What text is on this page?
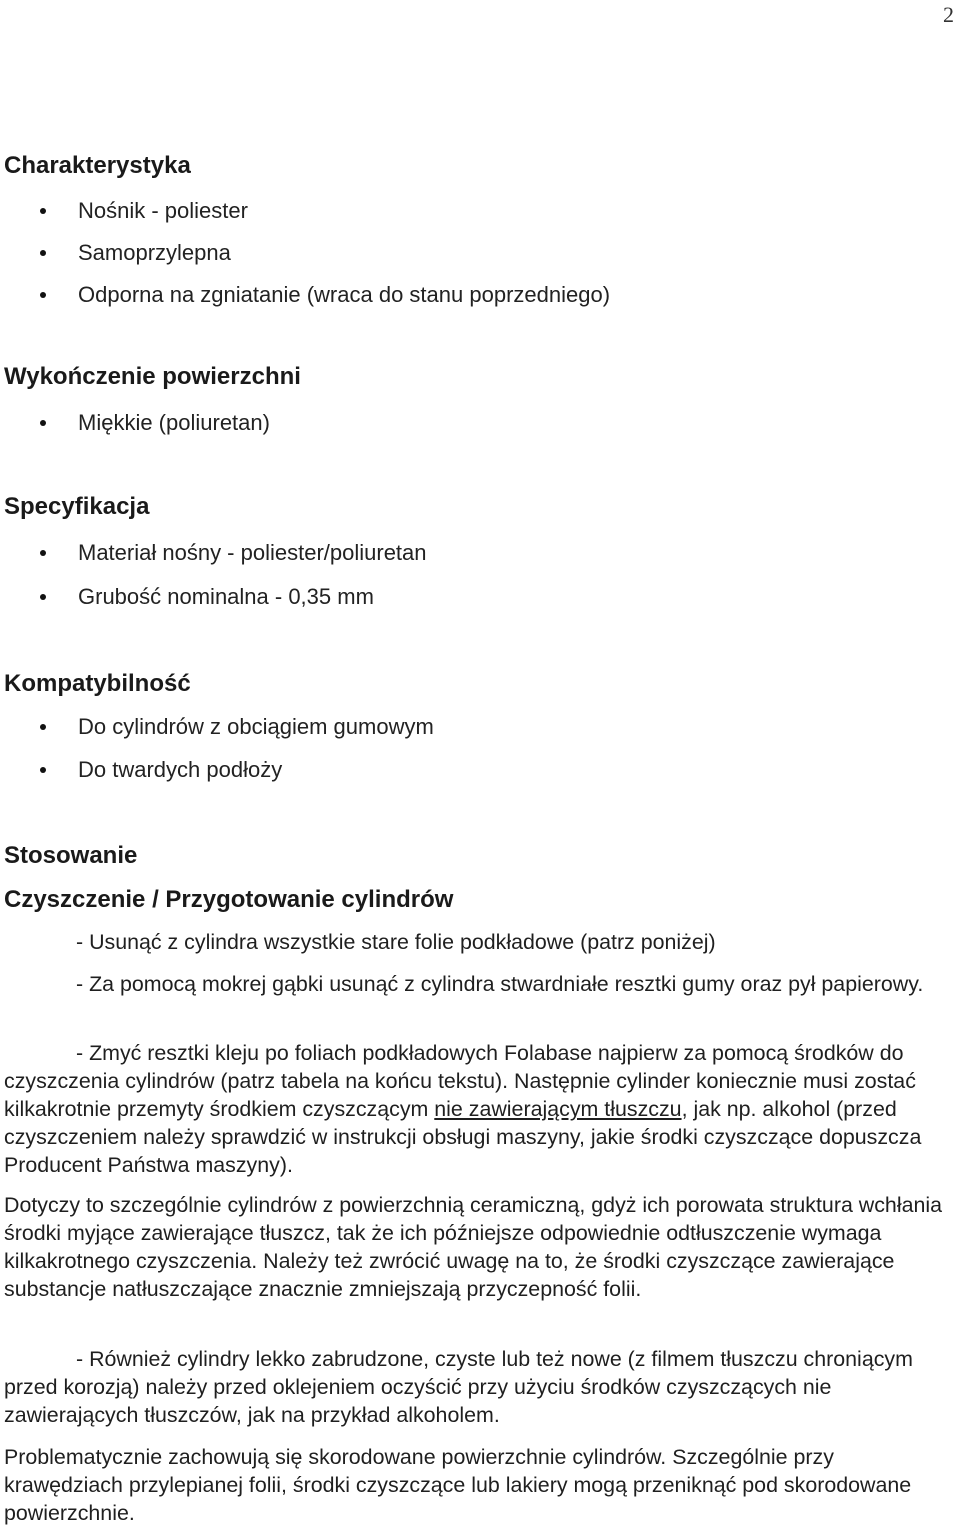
2
Charakterystyka
Nośnik - poliester
Samoprzylepna
Odporna na zgniatanie (wraca do stanu poprzedniego)
Wykończenie powierzchni
Miękkie (poliuretan)
Specyfikacja
Materiał nośny - poliester/poliuretan
Grubość nominalna - 0,35 mm
Kompatybilność
Do cylindrów z obciągiem gumowym
Do twardych podłoży
Stosowanie
Czyszczenie / Przygotowanie cylindrów
- Usunąć z cylindra wszystkie stare folie podkładowe (patrz poniżej)
- Za pomocą mokrej gąbki usunąć z cylindra stwardniałe resztki gumy oraz pył papierowy.
- Zmyć resztki kleju po foliach podkładowych Folabase najpierw za pomocą środków do czyszczenia cylindrów (patrz tabela na końcu tekstu). Następnie cylinder koniecznie musi zostać kilkakrotnie przemyty środkiem czyszczącym nie zawierającym tłuszczu, jak np. alkohol (przed czyszczeniem należy sprawdzić w instrukcji obsługi maszyny, jakie środki czyszczące dopuszcza Producent Państwa maszyny).
Dotyczy to szczególnie cylindrów z powierzchnią ceramiczną, gdyż ich porowata struktura wchłania środki myjące zawierające tłuszcz, tak że ich późniejsze odpowiednie odtłuszczenie wymaga kilkakrotnego czyszczenia. Należy też zwrócić uwagę na to, że środki czyszczące zawierające substancje natłuszczające znacznie zmniejszają przyczepność folii.
- Również cylindry lekko zabrudzone, czyste lub też nowe (z filmem tłuszczu chroniącym przed korozją) należy przed oklejeniem oczyścić przy użyciu środków czyszczących nie zawierających tłuszczów, jak na przykład alkoholem.
Problematycznie zachowują się skorodowane powierzchnie cylindrów. Szczególnie przy krawędziach przylepianej folii, środki czyszczące lub lakiery mogą przeniknąć pod skorodowane powierzchnie.
